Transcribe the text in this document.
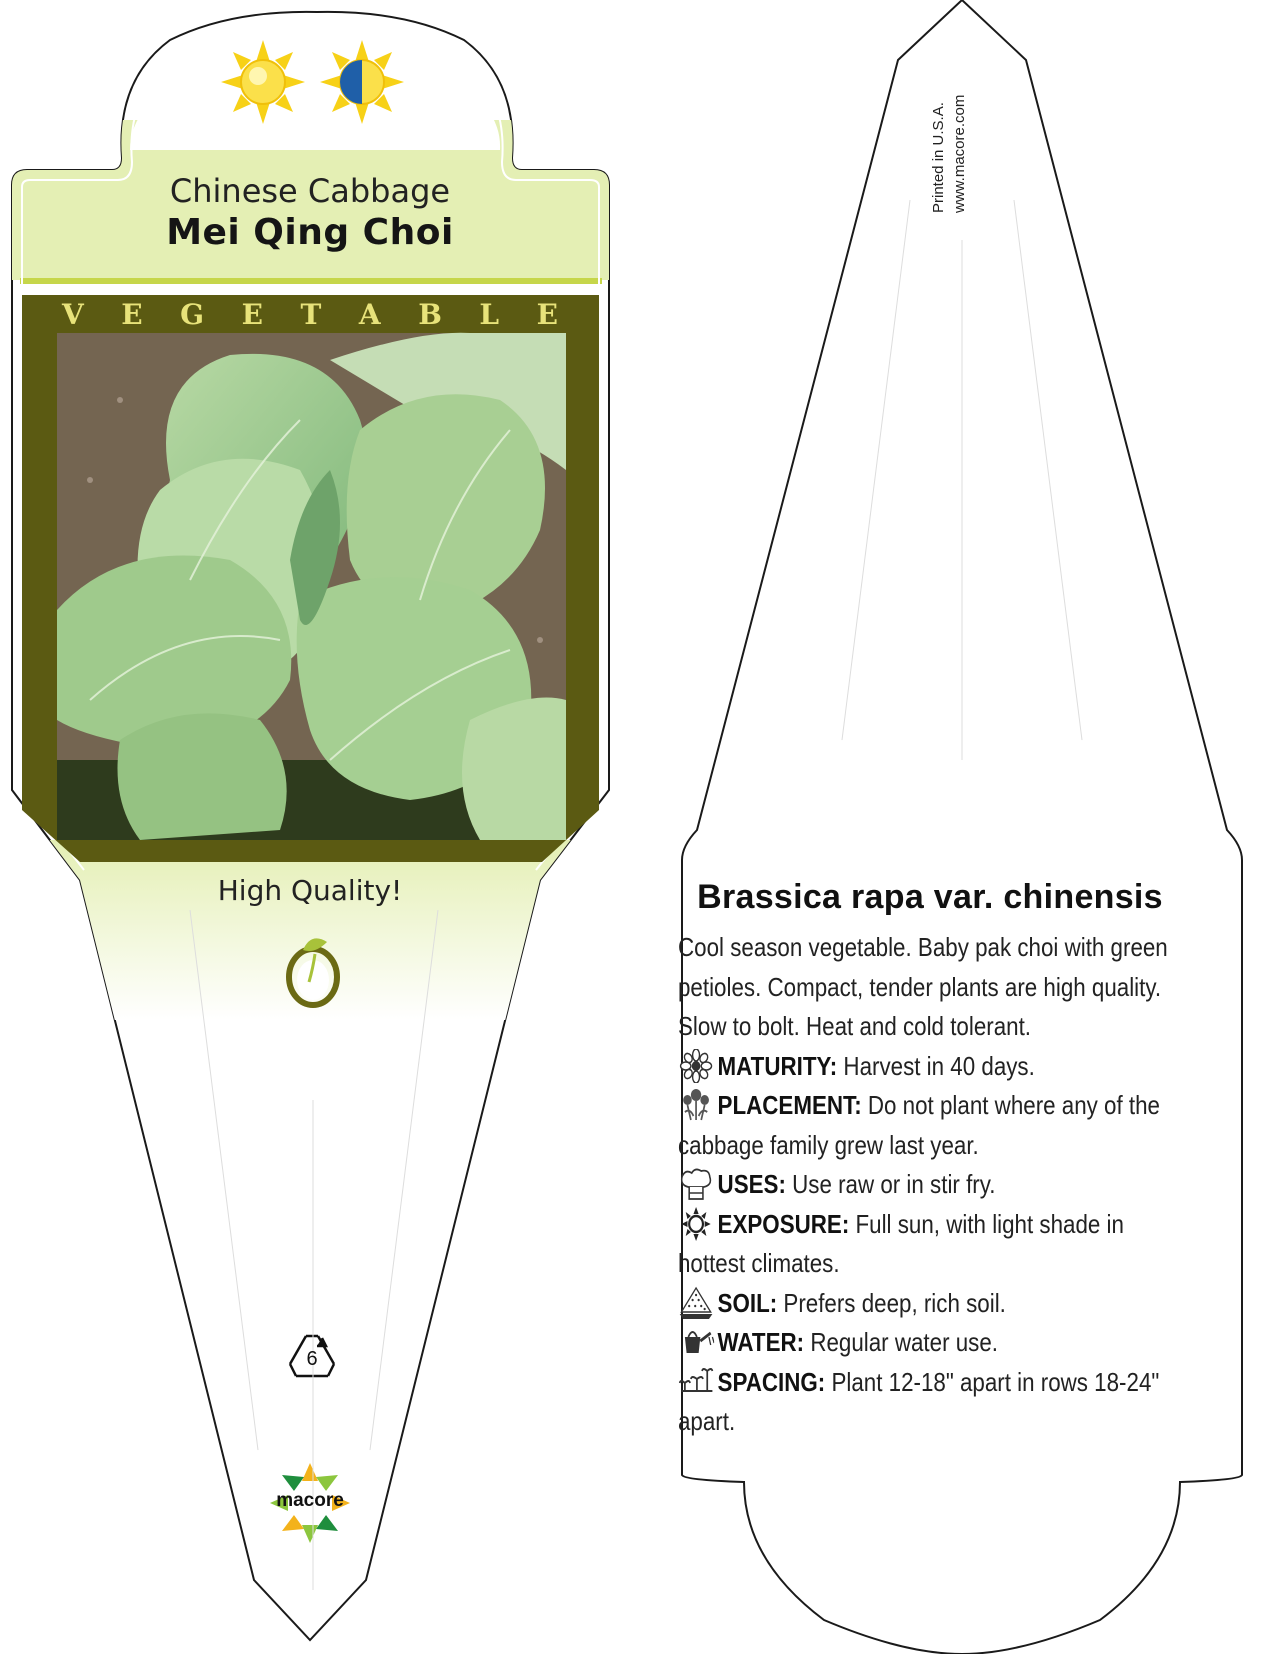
Chinese Cabbage
Mei Qing Choi
V E G E T A B L E
High Quality!
6
macore
Printed in U.S.A. www.macore.com
Brassica rapa var. chinensis

Cool season vegetable. Baby pak choi with green petioles. Compact, tender plants are high quality. Slow to bolt. Heat and cold tolerant.

MATURITY: Harvest in 40 days.

PLACEMENT: Do not plant where any of the cabbage family grew last year.

USES: Use raw or in stir fry.

EXPOSURE: Full sun, with light shade in hottest climates.

SOIL: Prefers deep, rich soil.

WATER: Regular water use.

SPACING: Plant 12-18" apart in rows 18-24" apart.
